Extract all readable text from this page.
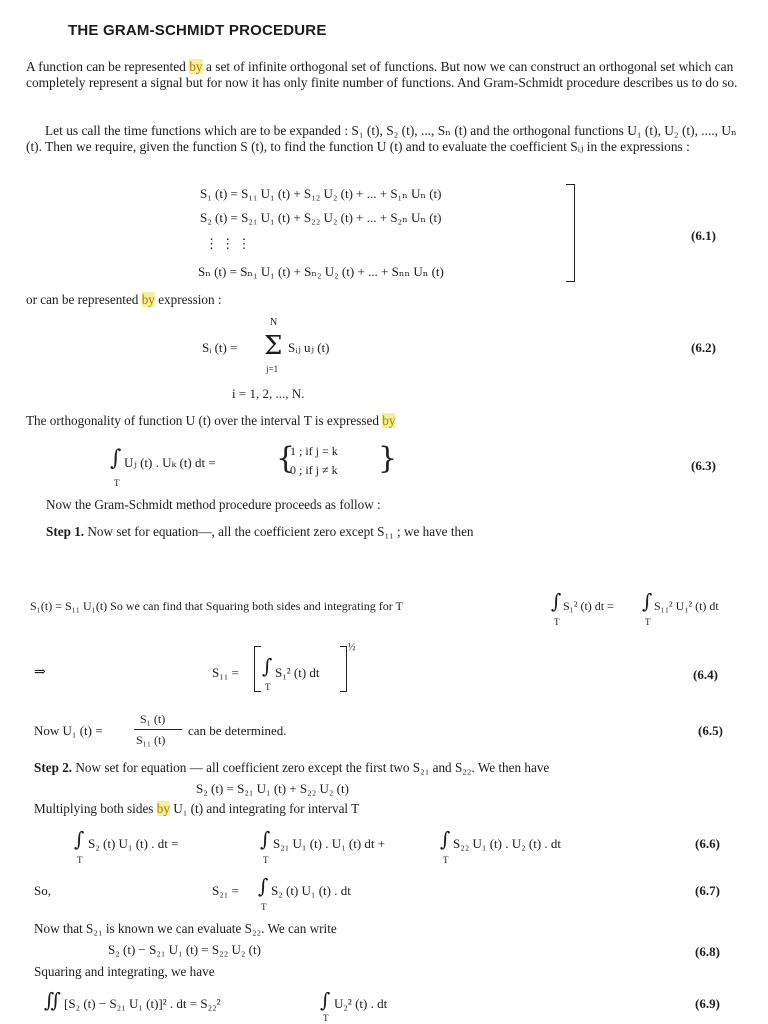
THE GRAM-SCHMIDT PROCEDURE
A function can be represented by a set of infinite orthogonal set of functions. But now we can construct an orthogonal set which can completely represent a signal but for now it has only finite number of functions. And Gram-Schmidt procedure describes us to do so.
Let us call the time functions which are to be expanded : S₁ (t), S₂ (t), ..., Sₙ (t) and the orthogonal functions U₁ (t), U₂ (t), ...., Uₙ (t). Then we require, given the function S (t), to find the function U (t) and to evaluate the coefficient Sᵢⱼ in the expressions :
S₁ (t) = S₁₁ U₁ (t) + S₁₂ U₂ (t) + ... + S₁ₙ Uₙ (t)
S₂ (t) = S₂₁ U₁ (t) + S₂₂ U₂ (t) + ... + S₂ₙ Uₙ (t)
⋮ ⋮ ⋮
Sₙ (t) = Sₙ₁ U₁ (t) + Sₙ₂ U₂ (t) + ... + Sₙₙ Uₙ (t)
(6.1)
or can be represented by expression :
Sᵢ (t) = Σ
N
j=1
Sᵢⱼ uⱼ (t)	(6.2)
i = 1, 2, ..., N.
The orthogonality of function U (t) over the interval T is expressed by
∫
T
Uⱼ (t) . Uₖ (t) dt = {
1 ; if j = k
0 ; if j ≠ k }	(6.3)
Now the Gram-Schmidt method procedure proceeds as follow :
Step 1. Now set for equation—, all the coefficient zero except S₁₁ ; we have then
S₁(t) = S₁₁ U₁(t) So we can find that Squaring both sides and integrating for T	∫
T
S₁² (t) dt = ∫
T
S₁₁² U₁² (t) dt
⇒	S₁₁ = ∫
T
S₁² (t) dt
½
(6.4)
Now U₁ (t) =
S₁ (t)
S₁₁ (t)
can be determined.	(6.5)
Step 2. Now set for equation — all coefficient zero except the first two S₂₁ and S₂₂. We then have
S₂ (t) = S₂₁ U₁ (t) + S₂₂ U₂ (t)
Multiplying both sides by U₁ (t) and integrating for interval T
∫
T
S₂ (t) U₁ (t) . dt =	∫
T
S₂₁ U₁ (t) . U₁ (t) dt +	∫
T
S₂₂ U₁ (t) . U₂ (t) . dt	(6.6)
So,	S₂₁ = ∫
T
S₂ (t) U₁ (t) . dt	(6.7)
Now that S₂₁ is known we can evaluate S₂₂. We can write
S₂ (t) − S₂₁ U₁ (t) = S₂₂ U₂ (t)	(6.8)
Squaring and integrating, we have
∬ [S₂ (t) − S₂₁ U₁ (t)]² . dt = S₂₂²	∫
T
U₂² (t) . dt	(6.9)
